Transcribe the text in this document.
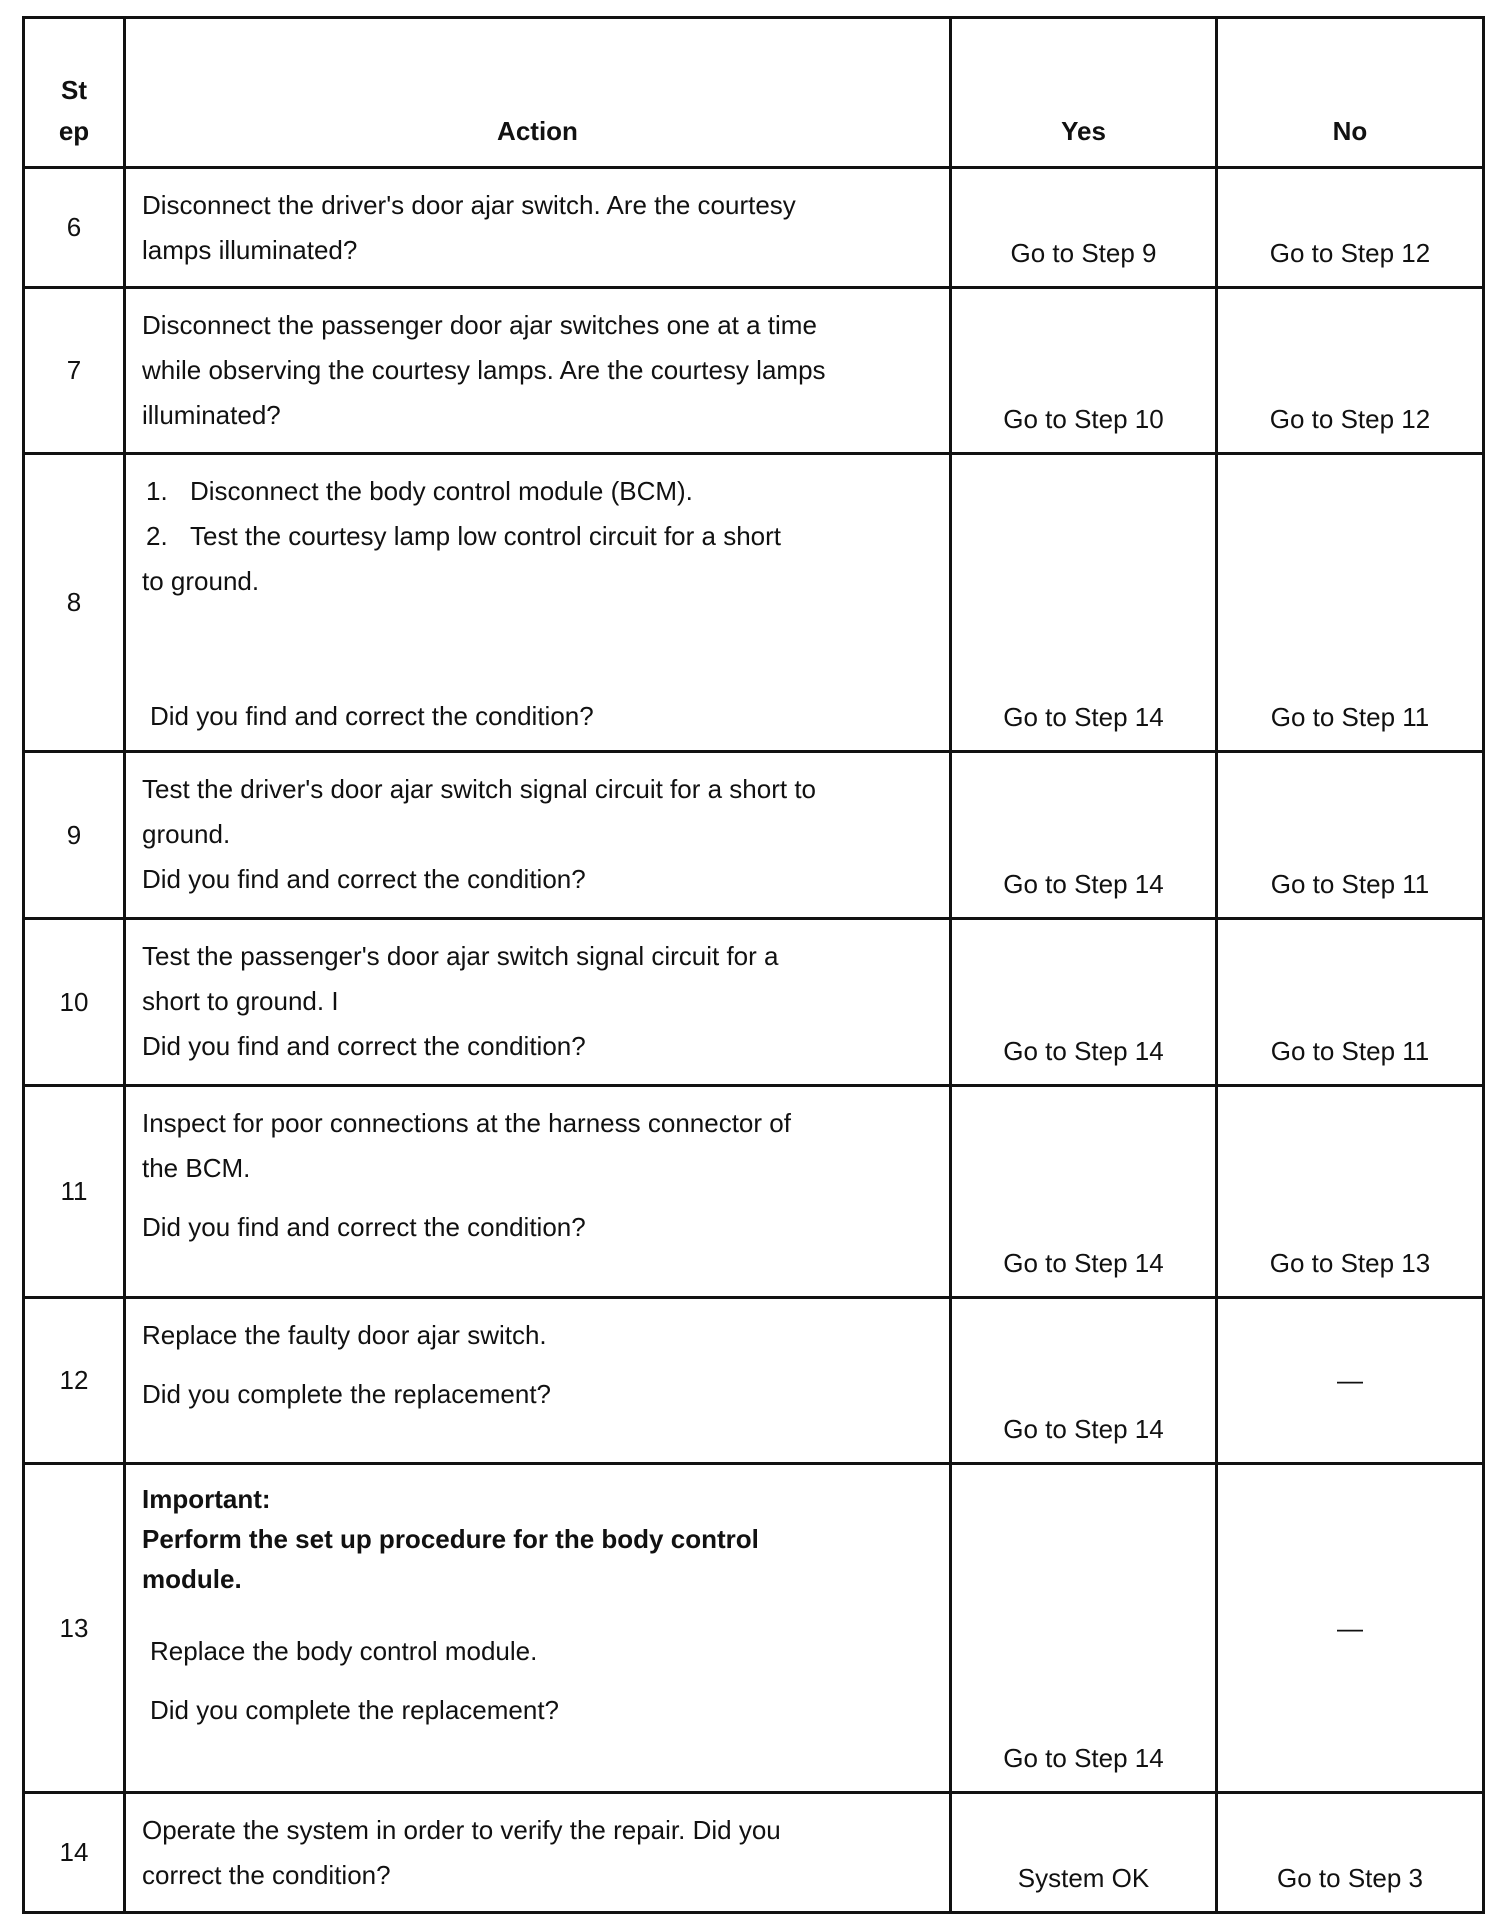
St
ep	Action	Yes	No

6	Disconnect the driver's door ajar switch. Are the courtesy
lamps illuminated?	Go to Step 9	Go to Step 12
7	Disconnect the passenger door ajar switches one at a time
while observing the courtesy lamps. Are the courtesy lamps
illuminated?	Go to Step 10	Go to Step 12
8	1. Disconnect the body control module (BCM).
2. Test the courtesy lamp low control circuit for a short
to ground.
Did you find and correct the condition?	Go to Step 14	Go to Step 11
9	Test the driver's door ajar switch signal circuit for a short to
ground.
Did you find and correct the condition?	Go to Step 14	Go to Step 11
10	Test the passenger's door ajar switch signal circuit for a
short to ground. I
Did you find and correct the condition?	Go to Step 14	Go to Step 11
11	Inspect for poor connections at the harness connector of
the BCM.
Did you find and correct the condition?	Go to Step 14	Go to Step 13
12	Replace the faulty door ajar switch.
Did you complete the replacement?	Go to Step 14	—
13	Important:
Perform the set up procedure for the body control
module.
Replace the body control module.
Did you complete the replacement?	Go to Step 14	—
14	Operate the system in order to verify the repair. Did you
correct the condition?	System OK	Go to Step 3
